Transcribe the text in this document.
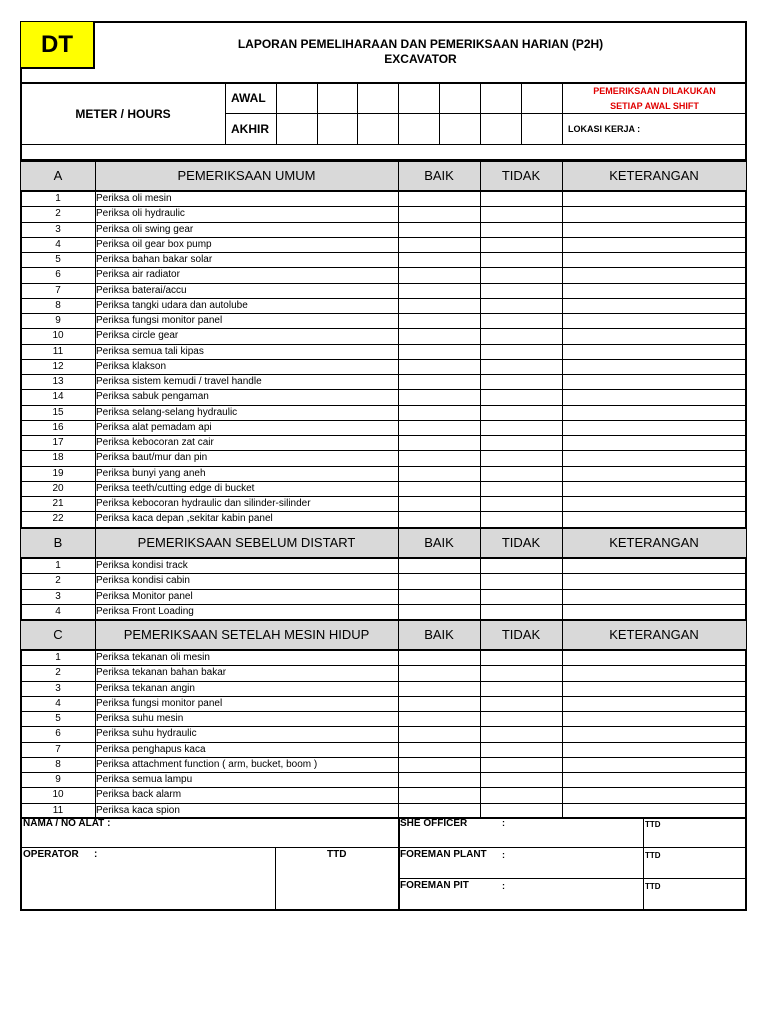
DT	LAPORAN PEMELIHARAAN DAN PEMERIKSAAN HARIAN (P2H)
EXCAVATOR
METER / HOURS
AWAL
AKHIR
PEMERIKSAAN DILAKUKAN
SETIAP AWAL SHIFT
LOKASI KERJA :
A	PEMERIKSAAN UMUM	BAIK	TIDAK	KETERANGAN
1	Periksa oli mesin
2	Periksa oli hydraulic
3	Periksa oli swing gear
4	Periksa oil gear box pump
5	Periksa bahan bakar solar
6	Periksa air radiator
7	Periksa baterai/accu
8	Periksa tangki udara dan autolube
9	Periksa fungsi monitor panel
10	Periksa circle gear
11	Periksa semua tali kipas
12	Periksa klakson
13	Periksa sistem kemudi / travel handle
14	Periksa sabuk pengaman
15	Periksa selang-selang hydraulic
16	Periksa alat pemadam api
17	Periksa kebocoran zat cair
18	Periksa baut/mur dan pin
19	Periksa bunyi yang aneh
20	Periksa teeth/cutting edge di bucket
21	Periksa kebocoran hydraulic dan silinder-silinder
22	Periksa kaca depan ,sekitar kabin panel
B	PEMERIKSAAN SEBELUM DISTART	BAIK	TIDAK	KETERANGAN
1	Periksa kondisi track
2	Periksa kondisi cabin
3	Periksa Monitor panel
4	Periksa Front Loading
C	PEMERIKSAAN SETELAH MESIN HIDUP	BAIK	TIDAK	KETERANGAN
1	Periksa tekanan oli mesin
2	Periksa tekanan bahan bakar
3	Periksa tekanan angin
4	Periksa fungsi monitor panel
5	Periksa suhu mesin
6	Periksa suhu hydraulic
7	Periksa penghapus kaca
8	Periksa attachment function ( arm, bucket, boom )
9	Periksa semua lampu
10	Periksa back alarm
11	Periksa kaca spion
NAMA / NO ALAT :
OPERATOR	:	TTD
SHE OFFICER	:	TTD
FOREMAN PLANT	:	TTD
FOREMAN PIT	:	TTD
